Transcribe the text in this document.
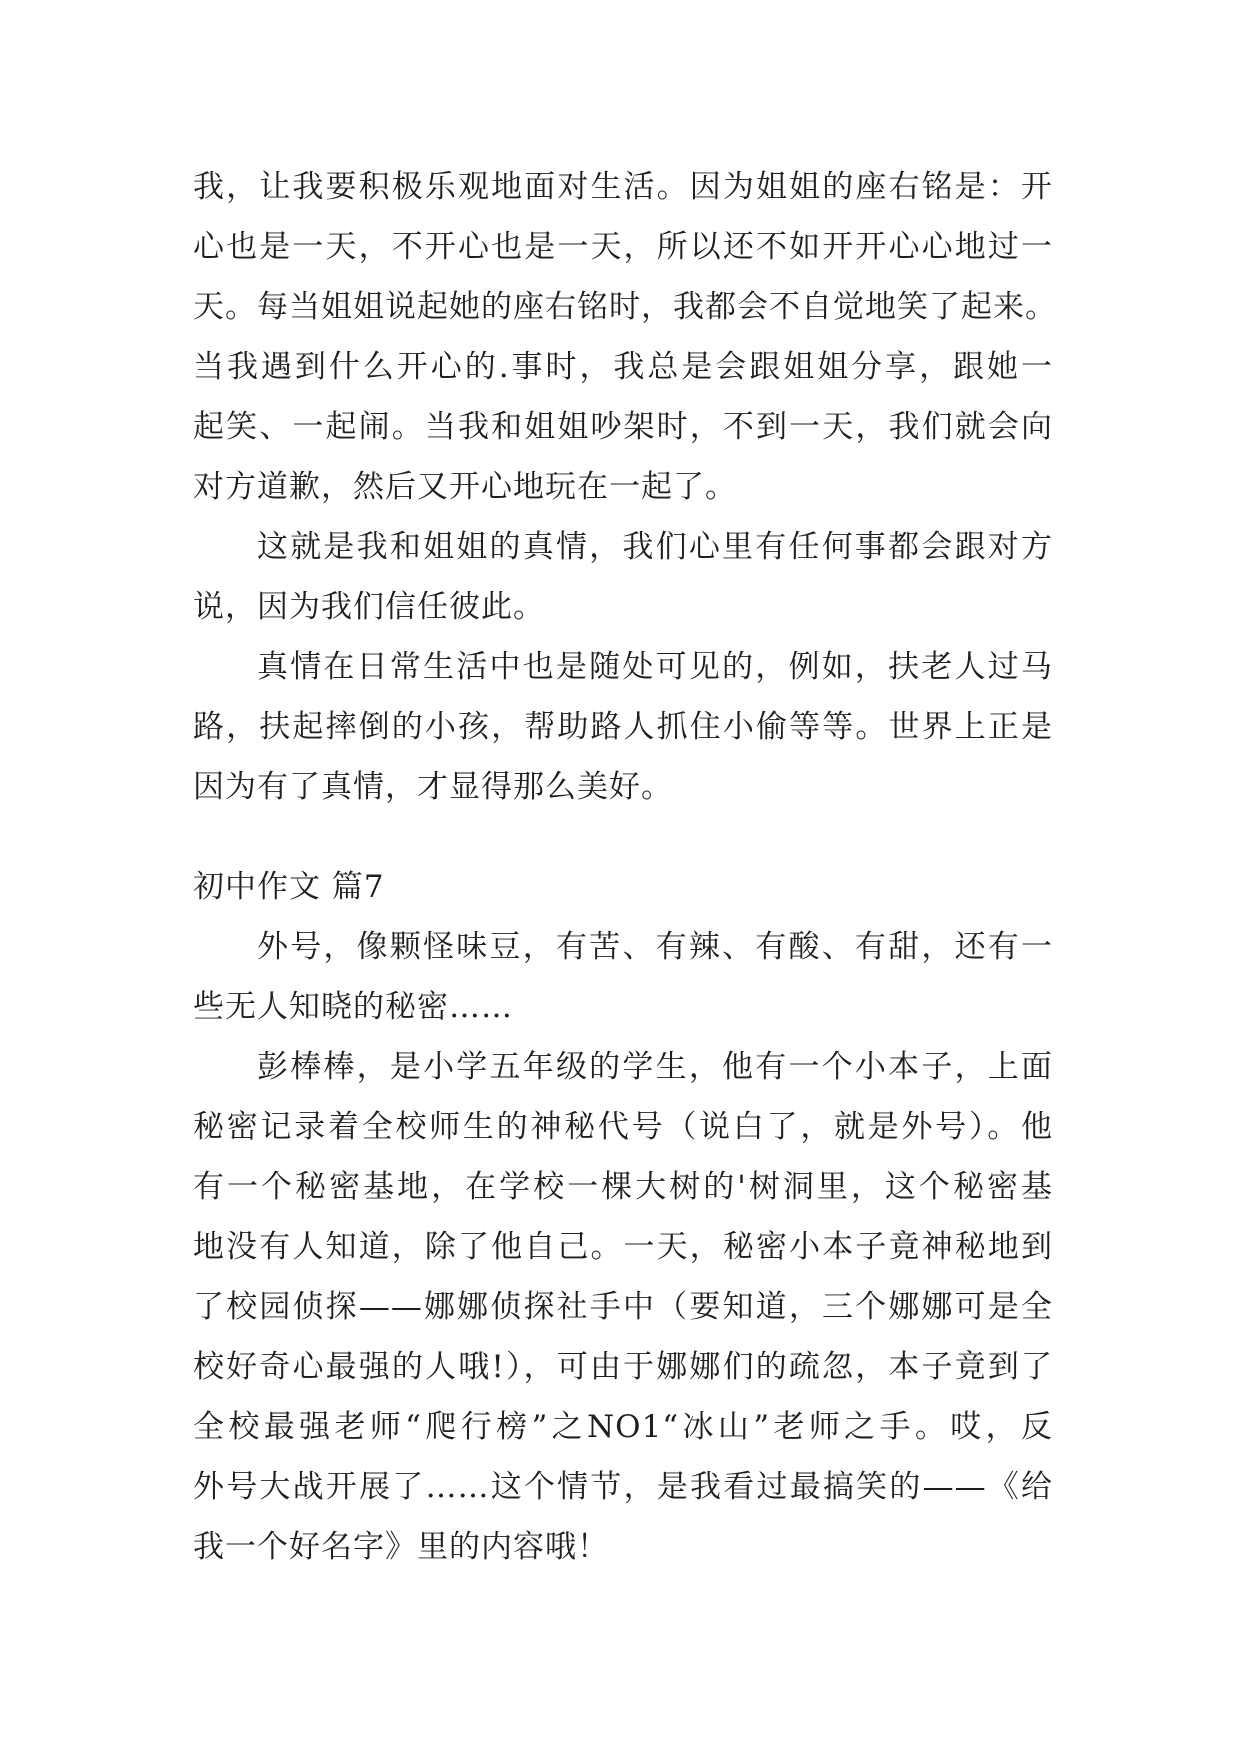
我，让我要积极乐观地面对生活。因为姐姐的座右铭是：开
心也是一天，不开心也是一天，所以还不如开开心心地过一
天。每当姐姐说起她的座右铭时，我都会不自觉地笑了起来。
当我遇到什么开心的.事时，我总是会跟姐姐分享，跟她一
起笑、一起闹。当我和姐姐吵架时，不到一天，我们就会向
对方道歉，然后又开心地玩在一起了。
这就是我和姐姐的真情，我们心里有任何事都会跟对方
说，因为我们信任彼此。
真情在日常生活中也是随处可见的，例如，扶老人过马
路，扶起摔倒的小孩，帮助路人抓住小偷等等。世界上正是
因为有了真情，才显得那么美好。
初中作文 篇7
外号，像颗怪味豆，有苦、有辣、有酸、有甜，还有一
些无人知晓的秘密……
彭棒棒，是小学五年级的学生，他有一个小本子，上面
秘密记录着全校师生的神秘代号（说白了，就是外号）。他
有一个秘密基地，在学校一棵大树的'树洞里，这个秘密基
地没有人知道，除了他自己。一天，秘密小本子竟神秘地到
了校园侦探——娜娜侦探社手中（要知道，三个娜娜可是全
校好奇心最强的人哦!），可由于娜娜们的疏忽，本子竟到了
全校最强老师“爬行榜”之NO1“冰山”老师之手。哎，反
外号大战开展了……这个情节，是我看过最搞笑的——《给
我一个好名字》里的内容哦！
